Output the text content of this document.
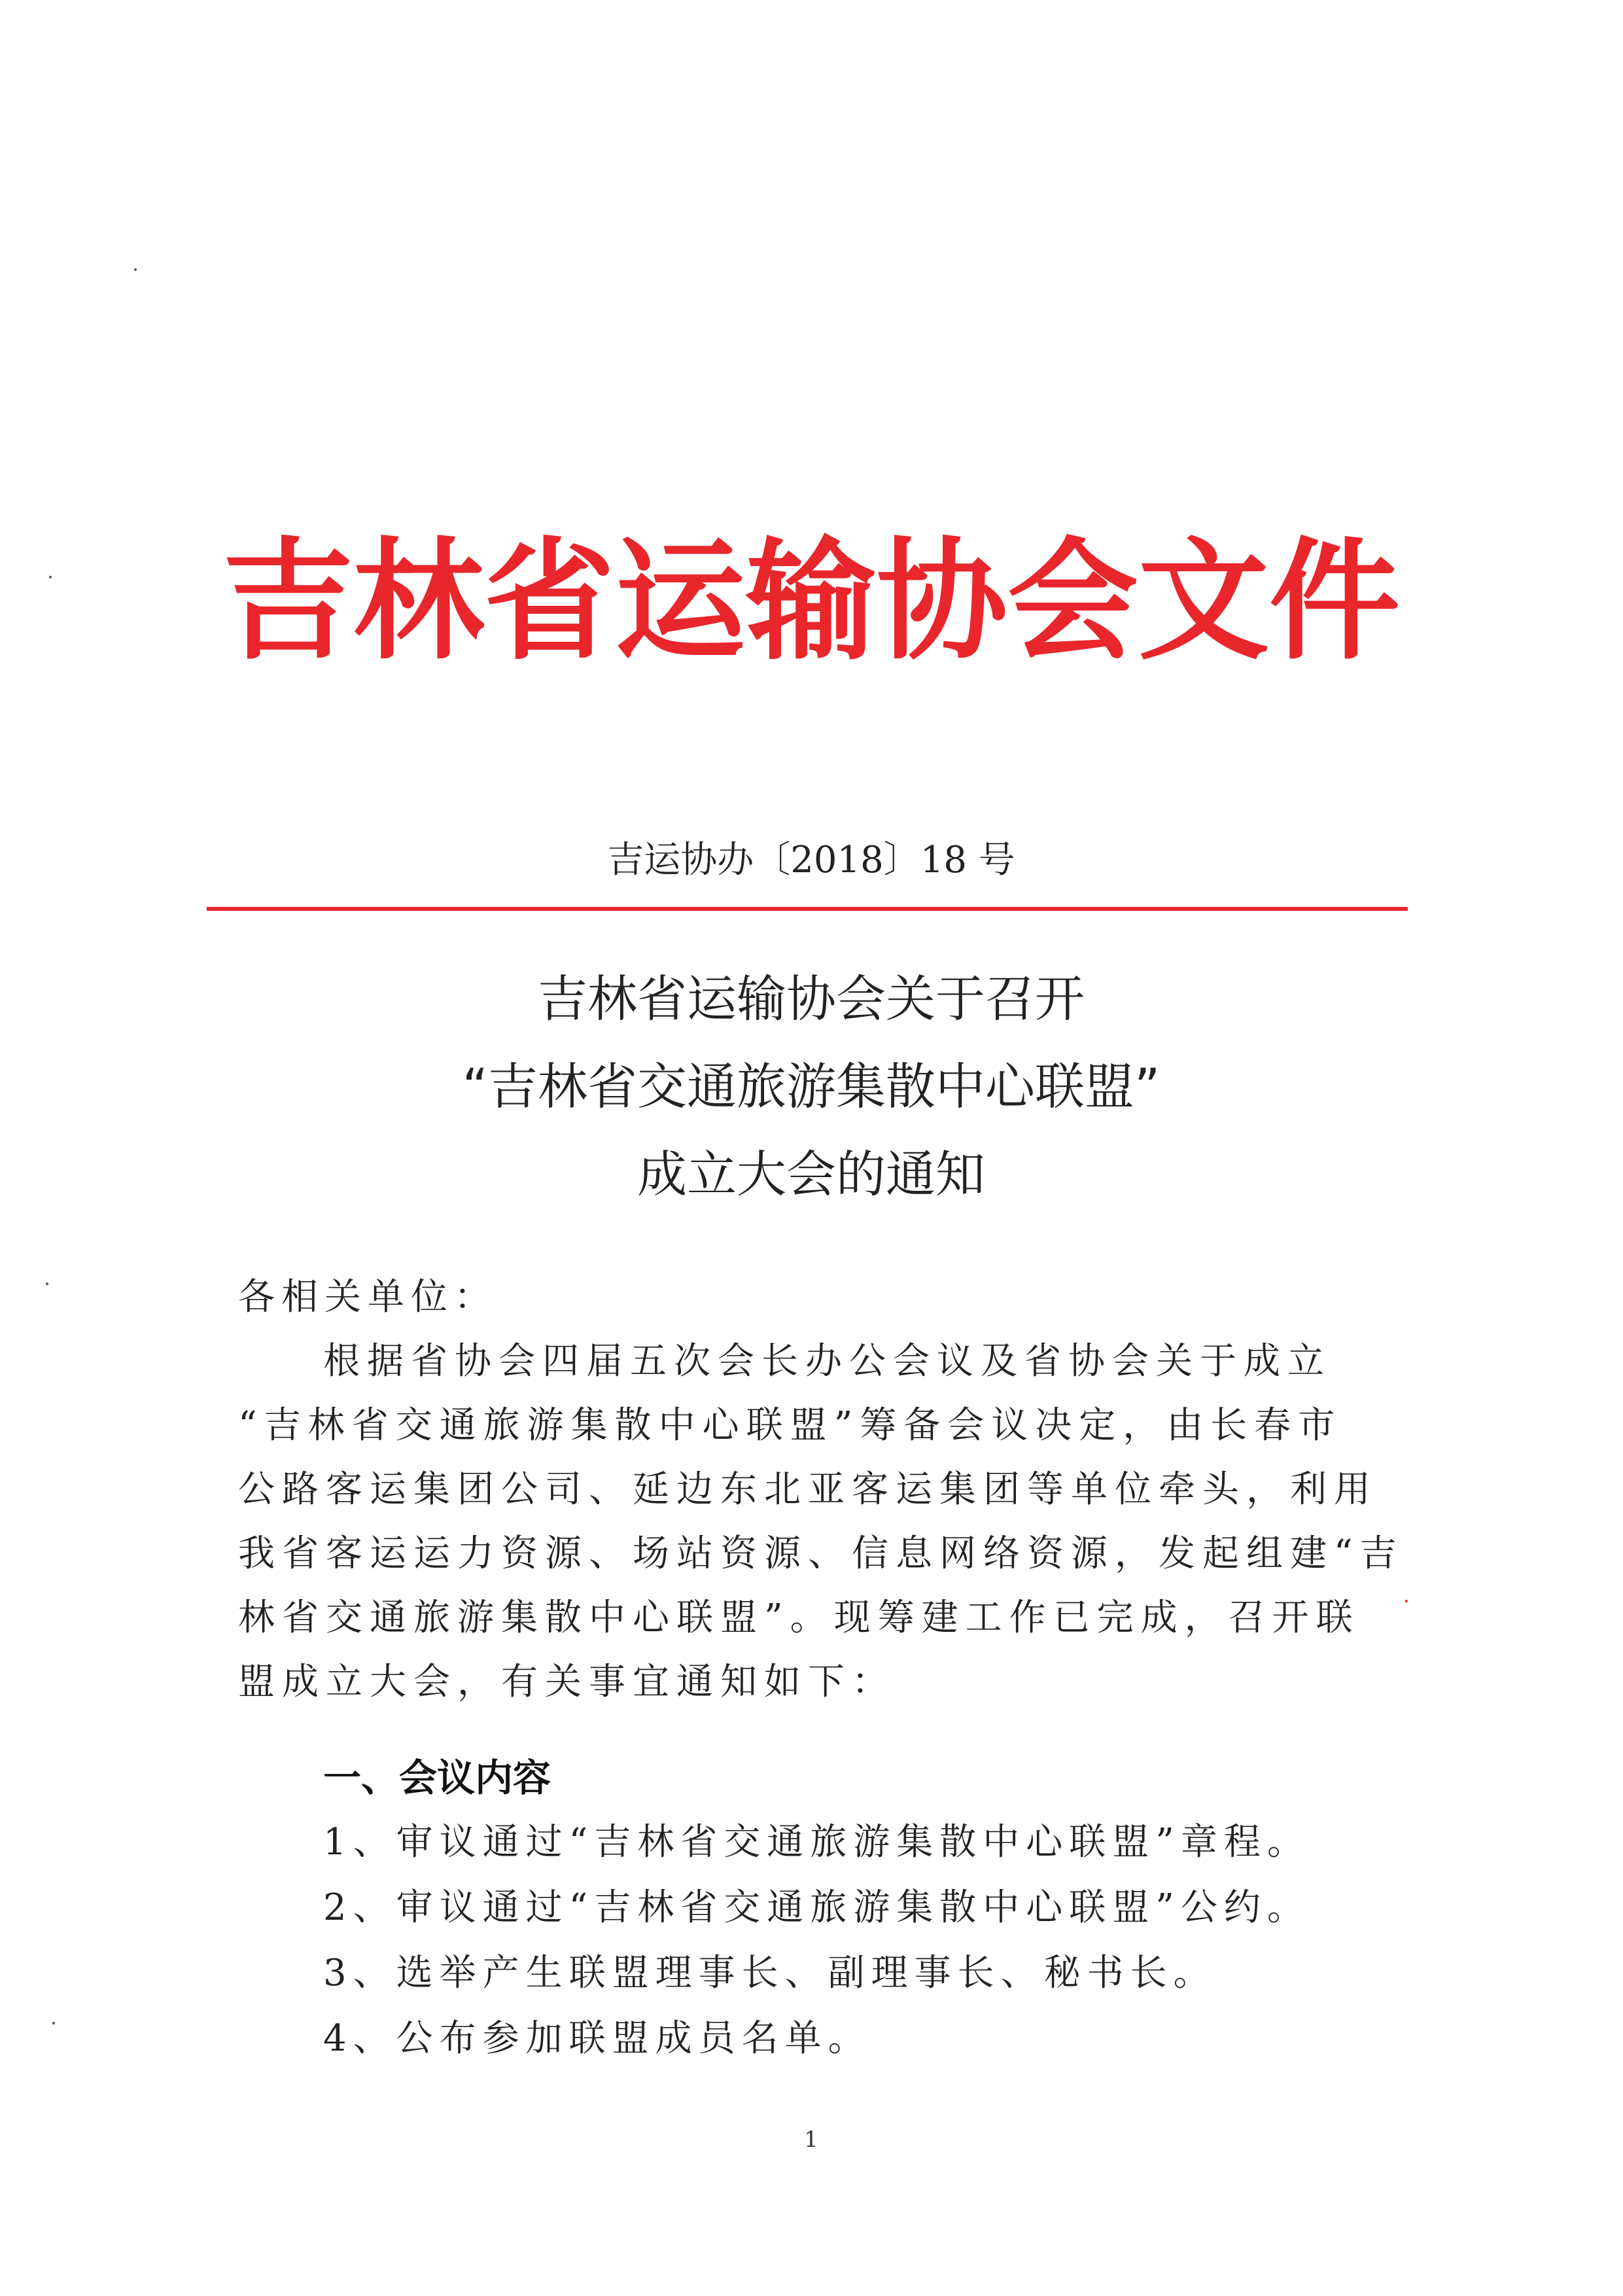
吉林省运输协会文件
吉运协办〔2018〕18 号
吉林省运输协会关于召开
“吉林省交通旅游集散中心联盟”
成立大会的通知
各相关单位：
根据省协会四届五次会长办公会议及省协会关于成立
“吉林省交通旅游集散中心联盟”筹备会议决定，由长春市
公路客运集团公司、延边东北亚客运集团等单位牵头，利用
我省客运运力资源、场站资源、信息网络资源，发起组建“吉
林省交通旅游集散中心联盟”。现筹建工作已完成，召开联
盟成立大会，有关事宜通知如下：
一、会议内容
1、审议通过“吉林省交通旅游集散中心联盟”章程。
2、审议通过“吉林省交通旅游集散中心联盟”公约。
3、选举产生联盟理事长、副理事长、秘书长。
4、公布参加联盟成员名单。
1
